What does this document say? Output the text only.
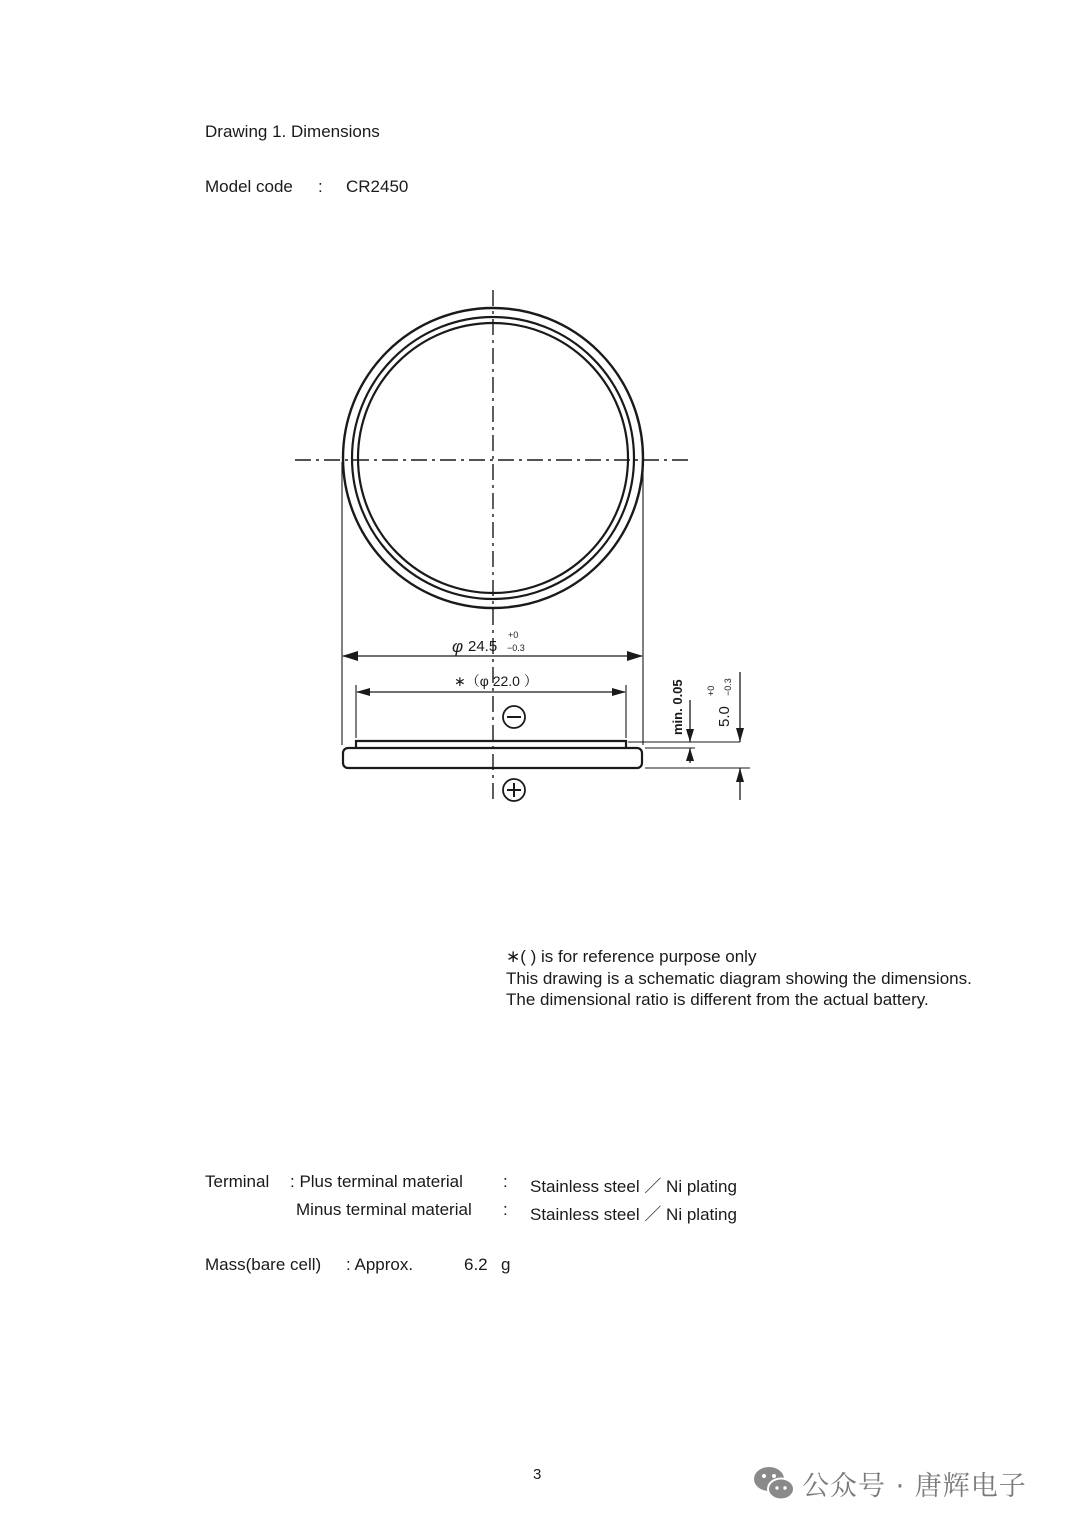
Drawing 1. Dimensions
Model code : CR2450
φ 24.5
+0
−0.3
∗（φ 22.0 ）	min. 0.05 5.0
+0 −0.3
∗( ) is for reference purpose only
This drawing is a schematic diagram showing the dimensions.
The dimensional ratio is different from the actual battery.
Terminal : Plus terminal material : Stainless steel ／ Ni plating
Minus terminal material : Stainless steel ／ Ni plating
Mass(bare cell) : Approx.	6.2 g
3	公众号 · 唐辉电子
